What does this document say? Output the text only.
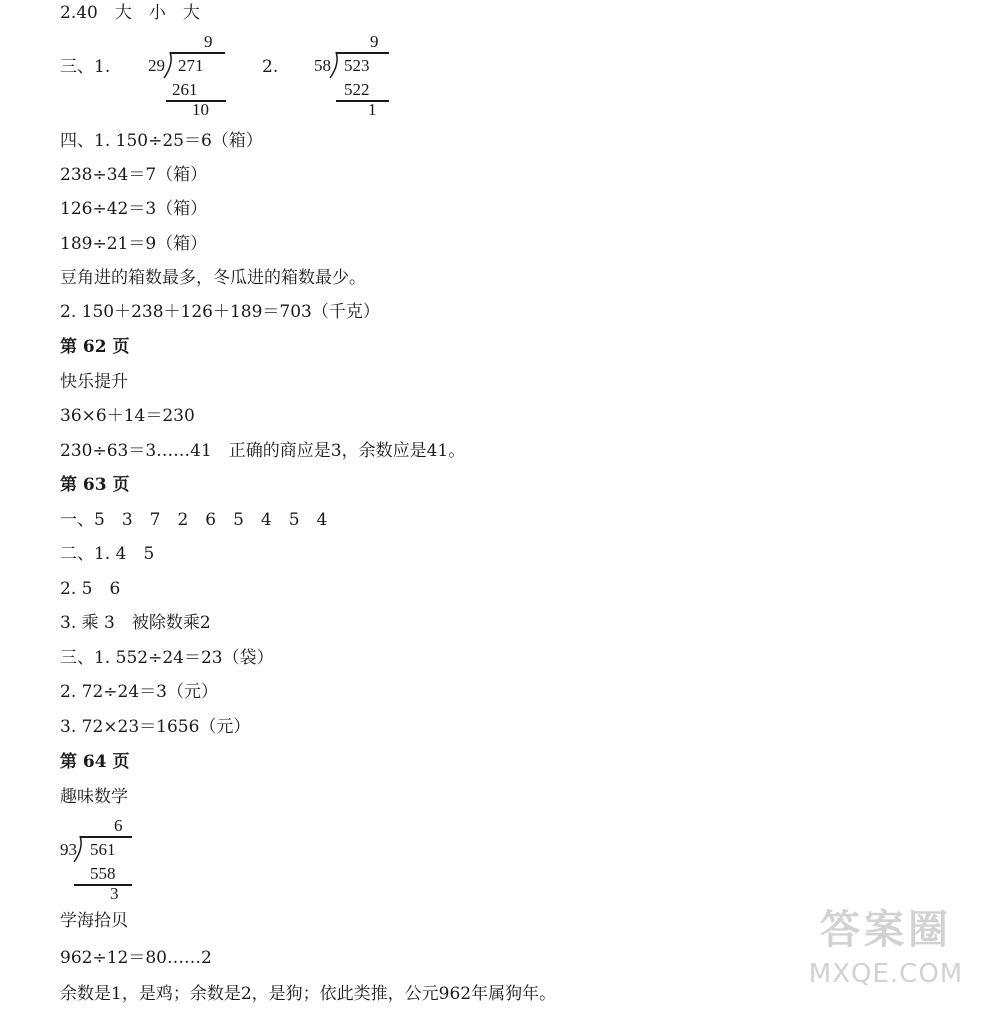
2.40　大　小　大
三、1.	2.
9
29 271
261
10
9
58 523
522
1
四、1. 150÷25＝6（箱）
238÷34＝7（箱）
126÷42＝3（箱）
189÷21＝9（箱）
豆角进的箱数最多，冬瓜进的箱数最少。
2. 150＋238＋126＋189＝703（千克）
第 62 页
快乐提升
36×6＋14＝230
230÷63＝3……41　正确的商应是3，余数应是41。
第 63 页
一、5　3　7　2　6　5　4　5　4
二、1. 4　5
2. 5　6
3. 乘 3　被除数乘2
三、1. 552÷24＝23（袋）
2. 72÷24＝3（元）
3. 72×23＝1656（元）
第 64 页
趣味数学
6
93 561
558
3
学海拾贝
962÷12＝80……2
余数是1，是鸡；余数是2，是狗；依此类推，公元962年属狗年。
答案圈
MXQE.COM
